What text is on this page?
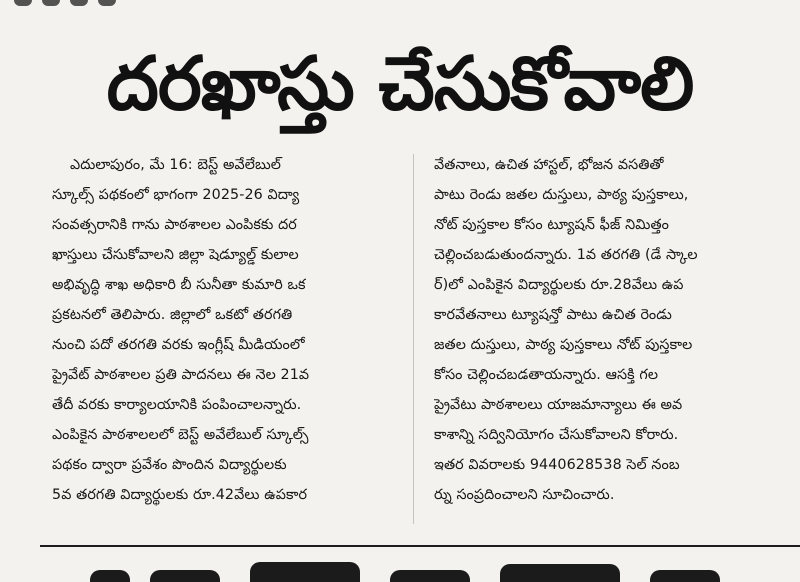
దరఖాస్తు చేసుకోవాలి
ఎదులాపురం, మే 16: బెస్ట్ అవేలేబుల్
స్కూల్స్ పథకంలో భాగంగా 2025-26 విద్యా
సంవత్సరానికి గాను పాఠశాలల ఎంపికకు దర
ఖాస్తులు చేసుకోవాలని జిల్లా షెడ్యూల్డ్ కులాల
అభివృద్ధి శాఖ అధికారి బీ సునీతా కుమారి ఒక
ప్రకటనలో తెలిపారు. జిల్లాలో ఒకటో తరగతి
నుంచి పదో తరగతి వరకు ఇంగ్లీష్ మీడియంలో
ప్రైవేట్ పాఠశాలల ప్రతి పాదనలు ఈ నెల 21వ
తేదీ వరకు కార్యాలయానికి పంపించాలన్నారు.
ఎంపికైన పాఠశాలలలో బెస్ట్ అవేలేబుల్ స్కూల్స్
పథకం ద్వారా ప్రవేశం పొందిన విద్యార్థులకు
5వ తరగతి విద్యార్థులకు రూ.42వేలు ఉపకార
వేతనాలు, ఉచిత హాస్టల్, భోజన వసతితో
పాటు రెండు జతల దుస్తులు, పాఠ్య పుస్తకాలు,
నోట్ పుస్తకాల కోసం ట్యూషన్ ఫీజ్ నిమిత్తం
చెల్లించబడుతుందన్నారు. 1వ తరగతి (డే స్కాల
ర్)లో ఎంపికైన విద్యార్థులకు రూ.28వేలు ఉప
కారవేతనాలు ట్యూషన్తో పాటు ఉచిత రెండు
జతల దుస్తులు, పాఠ్య పుస్తకాలు నోట్ పుస్తకాల
కోసం చెల్లించబడతాయన్నారు. ఆసక్తి గల
ప్రైవేటు పాఠశాలలు యాజమాన్యాలు ఈ అవ
కాశాన్ని సద్వినియోగం చేసుకోవాలని కోరారు.
ఇతర వివరాలకు 9440628538 సెల్ నంబ
ర్ను సంప్రదించాలని సూచించారు.
